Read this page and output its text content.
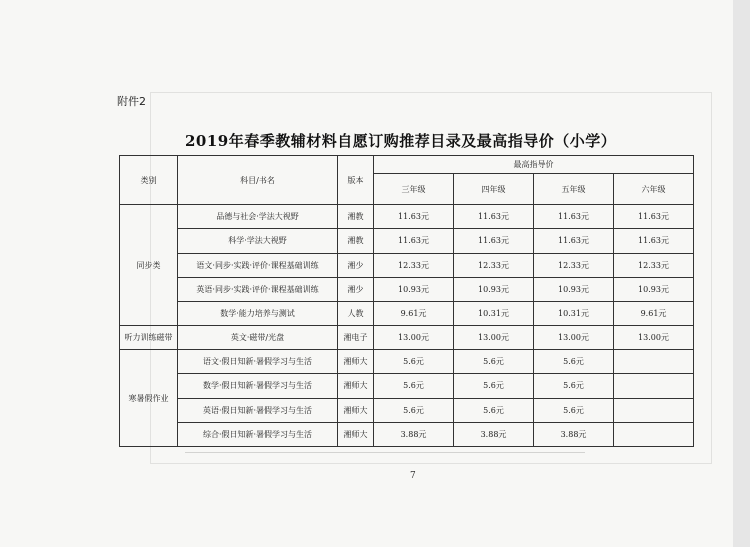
附件2
2019年春季教辅材料自愿订购推荐目录及最高指导价（小学）
类别	科目/书名	版本	最高指导价			
			三年级	四年级	五年级	六年级
同步类	品德与社会·学法大视野	湘教	11.63元	11.63元	11.63元	11.63元
	科学·学法大视野	湘教	11.63元	11.63元	11.63元	11.63元
	语文·同步·实践·评价·课程基础训练	湘少	12.33元	12.33元	12.33元	12.33元
	英语·同步·实践·评价·课程基础训练	湘少	10.93元	10.93元	10.93元	10.93元
	数学·能力培养与测试	人教	9.61元	10.31元	10.31元	9.61元
听力训练磁带	英文·磁带/光盘	湘电子	13.00元	13.00元	13.00元	13.00元
寒暑假作业	语文·假日知新·暑假学习与生活	湘师大	5.6元	5.6元	5.6元	
	数学·假日知新·暑假学习与生活	湘师大	5.6元	5.6元	5.6元	
	英语·假日知新·暑假学习与生活	湘师大	5.6元	5.6元	5.6元	
	综合·假日知新·暑假学习与生活	湘师大	3.88元	3.88元	3.88元	
7
